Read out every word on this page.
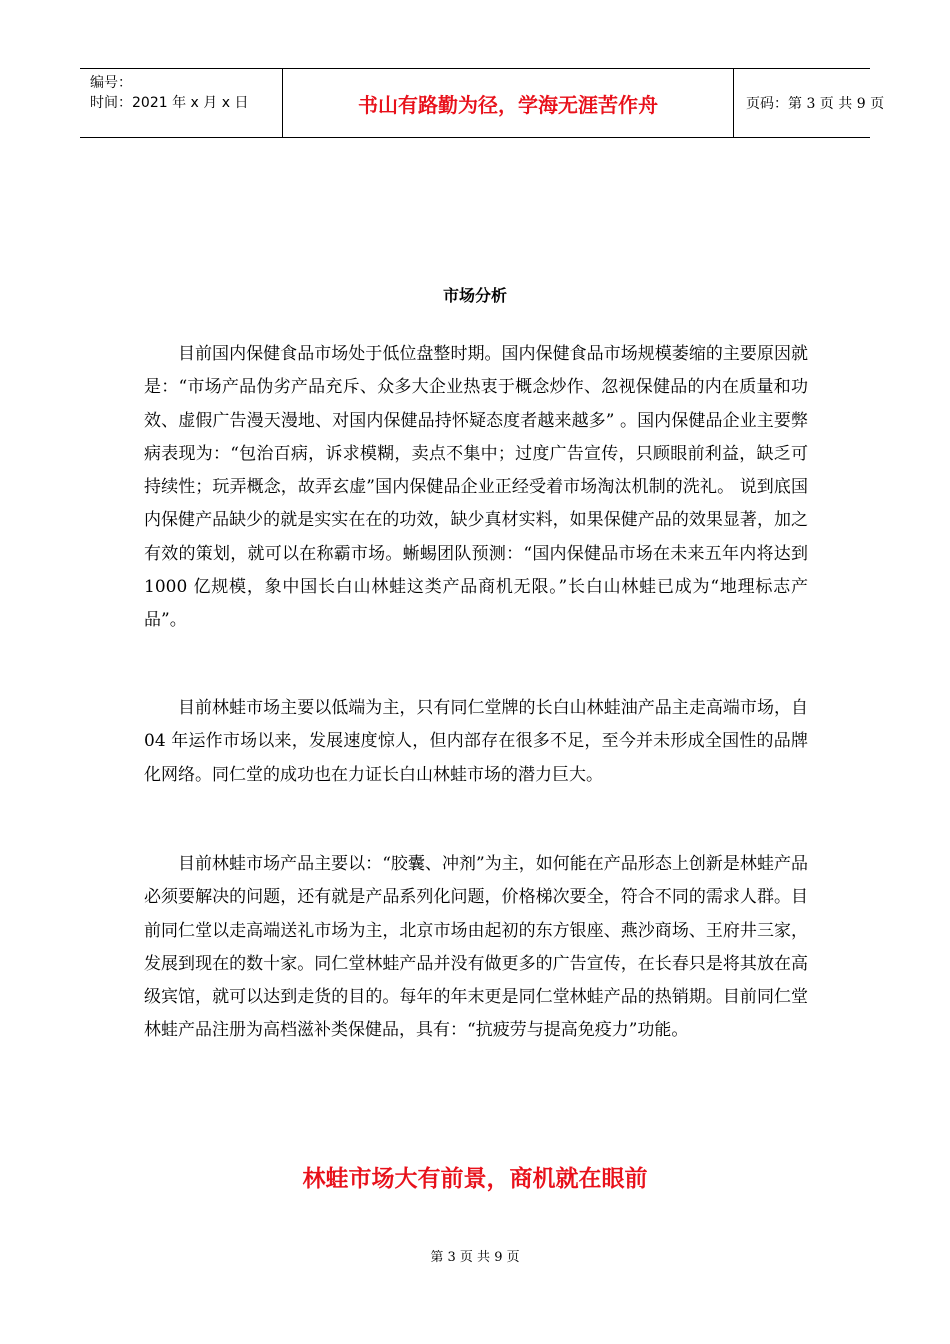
编号：
时间：2021 年 x 月 x 日	书山有路勤为径，学海无涯苦作舟	页码：第 3 页 共 9 页
市场分析

目前国内保健食品市场处于低位盘整时期。国内保健食品市场规模萎缩的主要原因就是：“市场产品伪劣产品充斥、众多大企业热衷于概念炒作、忽视保健品的内在质量和功效、虚假广告漫天漫地、对国内保健品持怀疑态度者越来越多” 。国内保健品企业主要弊病表现为：“包治百病，诉求模糊，卖点不集中；过度广告宣传，只顾眼前利益，缺乏可持续性；玩弄概念，故弄玄虚”国内保健品企业正经受着市场淘汰机制的洗礼。 说到底国内保健产品缺少的就是实实在在的功效，缺少真材实料，如果保健产品的效果显著，加之有效的策划，就可以在称霸市场。蜥蜴团队预测：“国内保健品市场在未来五年内将达到 1000 亿规模，象中国长白山林蛙这类产品商机无限。”长白山林蛙已成为“地理标志产品”。

目前林蛙市场主要以低端为主，只有同仁堂牌的长白山林蛙油产品主走高端市场，自 04 年运作市场以来，发展速度惊人，但内部存在很多不足，至今并未形成全国性的品牌化网络。同仁堂的成功也在力证长白山林蛙市场的潜力巨大。

目前林蛙市场产品主要以：“胶囊、冲剂”为主，如何能在产品形态上创新是林蛙产品必须要解决的问题，还有就是产品系列化问题，价格梯次要全，符合不同的需求人群。目前同仁堂以走高端送礼市场为主，北京市场由起初的东方银座、燕沙商场、王府井三家，发展到现在的数十家。同仁堂林蛙产品并没有做更多的广告宣传，在长春只是将其放在高级宾馆，就可以达到走货的目的。每年的年末更是同仁堂林蛙产品的热销期。目前同仁堂林蛙产品注册为高档滋补类保健品，具有：“抗疲劳与提高免疫力”功能。

林蛙市场大有前景，商机就在眼前
第 3 页 共 9 页
